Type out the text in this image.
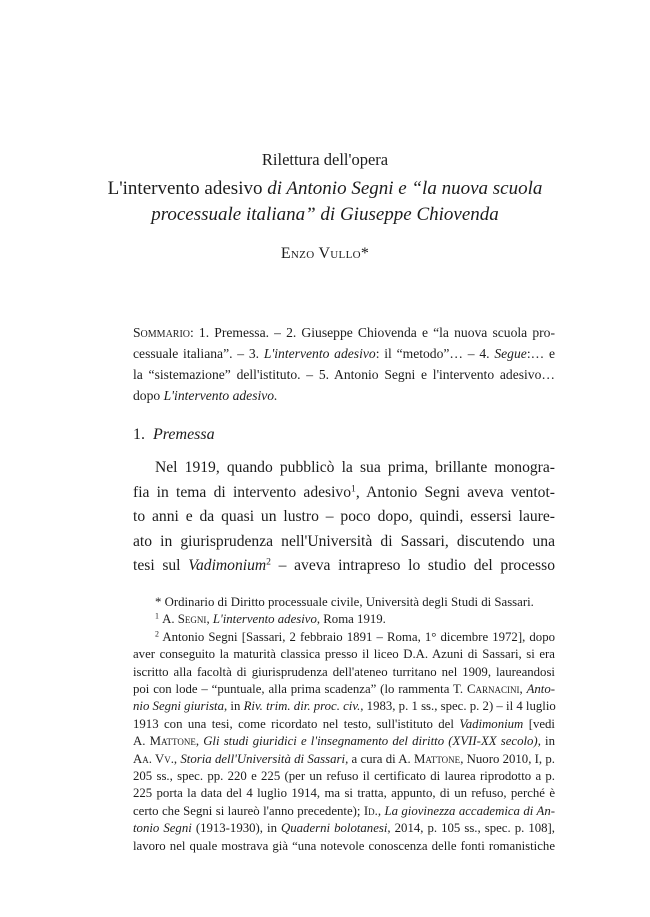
Rilettura dell'opera
L'intervento adesivo di Antonio Segni e “la nuova scuola
processuale italiana” di Giuseppe Chiovenda
Enzo Vullo*
Sommario: 1. Premessa. – 2. Giuseppe Chiovenda e “la nuova scuola pro-
cessuale italiana”. – 3. L'intervento adesivo: il “metodo”… – 4. Segue:… e
la “sistemazione” dell'istituto. – 5. Antonio Segni e l'intervento adesivo…
dopo L'intervento adesivo.
1. Premessa
Nel 1919, quando pubblicò la sua prima, brillante monogra-
fia in tema di intervento adesivo$^1$, Antonio Segni aveva ventot-
to anni e da quasi un lustro – poco dopo, quindi, essersi laure-
ato in giurisprudenza nell'Università di Sassari, discutendo una
tesi sul Vadimonium$^2$ – aveva intrapreso lo studio del processo
* Ordinario di Diritto processuale civile, Università degli Studi di Sassari.
$^1$ A. Segni, L'intervento adesivo, Roma 1919.
$^2$ Antonio Segni [Sassari, 2 febbraio 1891 – Roma, 1° dicembre 1972], dopo
aver conseguito la maturità classica presso il liceo D.A. Azuni di Sassari, si era
iscritto alla facoltà di giurisprudenza dell'ateneo turritano nel 1909, laureandosi
poi con lode – “puntuale, alla prima scadenza” (lo rammenta T. Carnacini, Anto-
nio Segni giurista, in Riv. trim. dir. proc. civ., 1983, p. 1 ss., spec. p. 2) – il 4 luglio
1913 con una tesi, come ricordato nel testo, sull'istituto del Vadimonium [vedi
A. Mattone, Gli studi giuridici e l'insegnamento del diritto (XVII-XX secolo), in
Aa. Vv., Storia dell'Università di Sassari, a cura di A. Mattone, Nuoro 2010, I, p.
205 ss., spec. pp. 220 e 225 (per un refuso il certificato di laurea riprodotto a p.
225 porta la data del 4 luglio 1914, ma si tratta, appunto, di un refuso, perché è
certo che Segni si laureò l'anno precedente); Id., La giovinezza accademica di An-
tonio Segni (1913-1930), in Quaderni bolotanesi, 2014, p. 105 ss., spec. p. 108],
lavoro nel quale mostrava già “una notevole conoscenza delle fonti romanistiche
